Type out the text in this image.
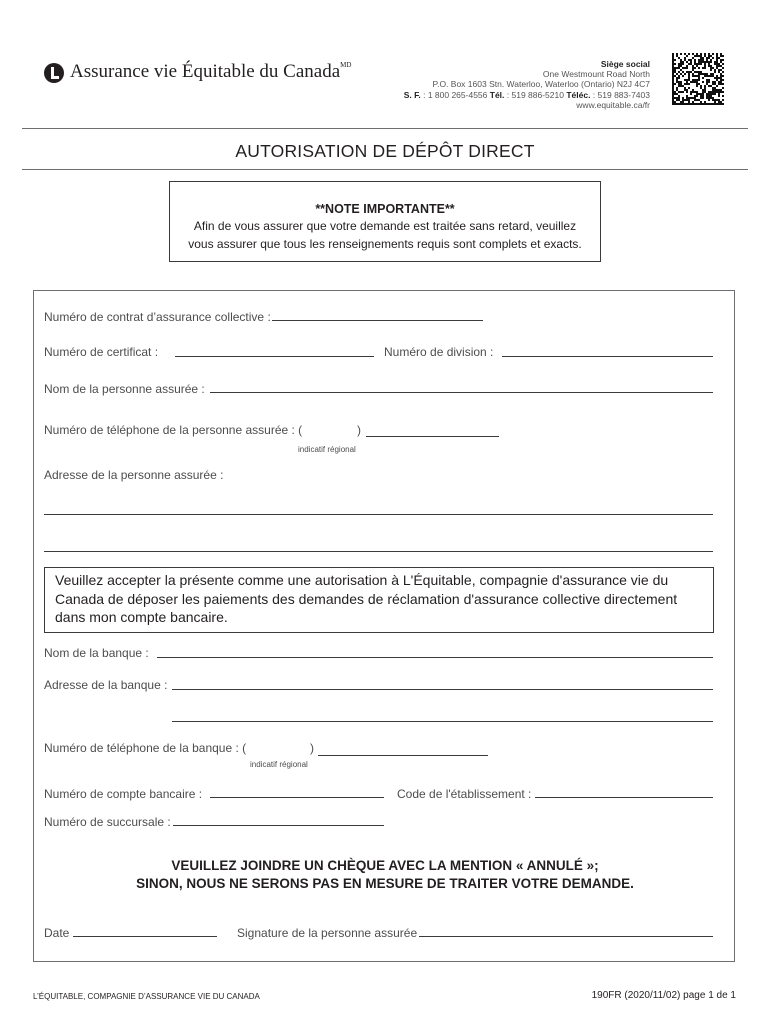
Assurance vie Équitable du Canada$^{MD}$	Siège social
One Westmount Road North
P.O. Box 1603 Stn. Waterloo, Waterloo (Ontario) N2J 4C7
S. F. : 1 800 265-4556 Tél. : 519 886-5210 Téléc. : 519 883-7403
www.equitable.ca/fr
AUTORISATION DE DÉPÔT DIRECT
**NOTE IMPORTANTE**
Afin de vous assurer que votre demande est traitée sans retard, veuillez
vous assurer que tous les renseignements requis sont complets et exacts.
Numéro de contrat d’assurance collective :
Numéro de certificat :	Numéro de division :
Nom de la personne assurée :
Numéro de téléphone de la personne assurée : (	)
indicatif régional
Adresse de la personne assurée :
Veuillez accepter la présente comme une autorisation à L'Équitable, compagnie d'assurance vie du Canada de déposer les paiements des demandes de réclamation d'assurance collective directement dans mon compte bancaire.
Nom de la banque :
Adresse de la banque :
Numéro de téléphone de la banque : (	)
indicatif régional
Numéro de compte bancaire :	Code de l'établissement :
Numéro de succursale :
VEUILLEZ JOINDRE UN CHÈQUE AVEC LA MENTION « ANNULÉ »;
SINON, NOUS NE SERONS PAS EN MESURE DE TRAITER VOTRE DEMANDE.
Date	Signature de la personne assurée
L’ÉQUITABLE, COMPAGNIE D’ASSURANCE VIE DU CANADA	190FR (2020/11/02) page 1 de 1
